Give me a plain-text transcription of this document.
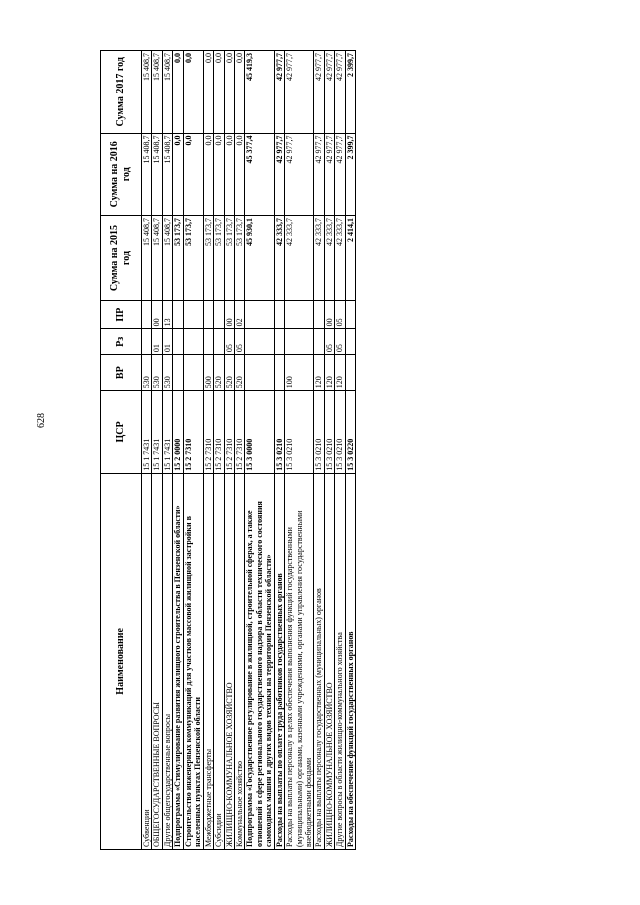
628
Наименование	ЦСР	ВР	Рз	ПР	Сумма на 2015 год	Сумма на 2016 год	Сумма 2017 год
Субвенции	15 1 7431	530			15 408,7	15 408,7	15 408,7
ОБЩЕГОСУДАРСТВЕННЫЕ ВОПРОСЫ	15 1 7431	530	01	00	15 408,7	15 408,7	15 408,7
Другие общегосударственные вопросы	15 1 7431	530	01	13	15 408,7	15 408,7	15 408,7
Подпрограмма «Стимулирование развития жилищного строительства в Пензенской области»	15 2 0000				53 173,7	0,0	0,0
Строительство инженерных коммуникаций для участков массовой жилищной застройки в населенных пунктах Пензенской области	15 2 7310				53 173,7	0,0	0,0
Межбюджетные трансферты	15 2 7310	500			53 173,7	0,0	0,0
Субсидии	15 2 7310	520			53 173,7	0,0	0,0
ЖИЛИЩНО-КОММУНАЛЬНОЕ ХОЗЯЙСТВО	15 2 7310	520	05	00	53 173,7	0,0	0,0
Коммунальное хозяйство	15 2 7310	520	05	02	53 173,7	0,0	0,0
Подпрограмма «Государственное регулирование в жилищной, строительной сферах, а также отношений в сфере регионального государственного надзора в области технического состояния самоходных машин и других видов техники на территории Пензенской области»	15 3 0000				45 930,1	45 377,4	45 419,3
Расходы на выплаты по оплате труда работников государственных органов	15 3 0210				42 333,7	42 977,7	42 977,7
Расходы на выплаты персоналу в целях обеспечения выполнения функций государственными (муниципальными) органами, казенными учреждениями, органами управления государственными внебюджетными фондами	15 3 0210	100			42 333,7	42 977,7	42 977,7
Расходы на выплаты персоналу государственных (муниципальных) органов	15 3 0210	120			42 333,7	42 977,7	42 977,7
ЖИЛИЩНО-КОММУНАЛЬНОЕ ХОЗЯЙСТВО	15 3 0210	120	05	00	42 333,7	42 977,7	42 977,7
Другие вопросы в области жилищно-коммунального хозяйства	15 3 0210	120	05	05	42 333,7	42 977,7	42 977,7
Расходы на обеспечение функций государственных органов	15 3 0220				2 414,1	2 399,7	2 399,7
